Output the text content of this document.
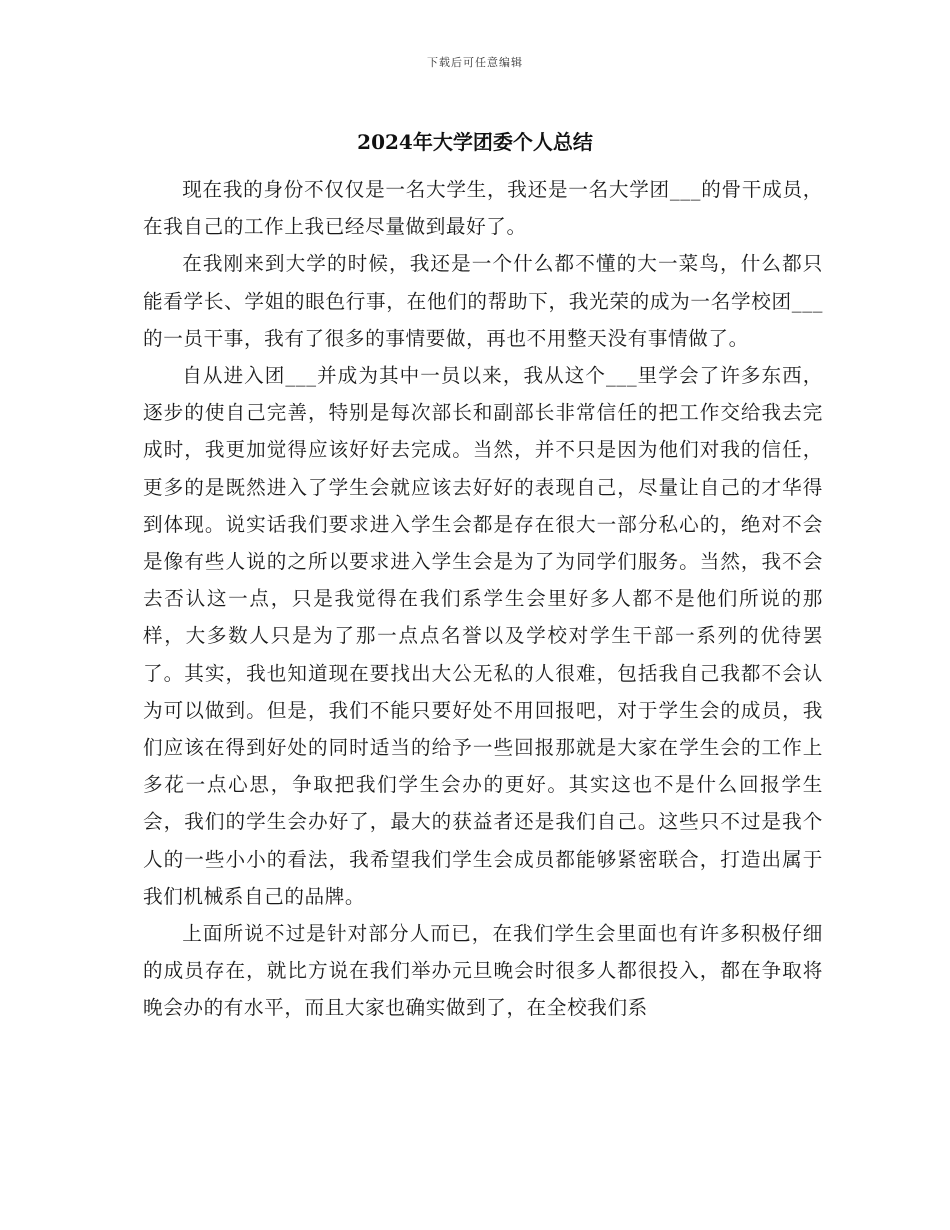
下载后可任意编辑
2024年大学团委个人总结

现在我的身份不仅仅是一名大学生，我还是一名大学团___的骨干成员，在我自己的工作上我已经尽量做到最好了。

在我刚来到大学的时候，我还是一个什么都不懂的大一菜鸟，什么都只能看学长、学姐的眼色行事，在他们的帮助下，我光荣的成为一名学校团___的一员干事，我有了很多的事情要做，再也不用整天没有事情做了。

自从进入团___并成为其中一员以来，我从这个___里学会了许多东西，逐步的使自己完善，特别是每次部长和副部长非常信任的把工作交给我去完成时，我更加觉得应该好好去完成。当然，并不只是因为他们对我的信任，更多的是既然进入了学生会就应该去好好的表现自己，尽量让自己的才华得到体现。说实话我们要求进入学生会都是存在很大一部分私心的，绝对不会是像有些人说的之所以要求进入学生会是为了为同学们服务。当然，我不会去否认这一点，只是我觉得在我们系学生会里好多人都不是他们所说的那样，大多数人只是为了那一点点名誉以及学校对学生干部一系列的优待罢了。其实，我也知道现在要找出大公无私的人很难，包括我自己我都不会认为可以做到。但是，我们不能只要好处不用回报吧，对于学生会的成员，我们应该在得到好处的同时适当的给予一些回报那就是大家在学生会的工作上多花一点心思，争取把我们学生会办的更好。其实这也不是什么回报学生会，我们的学生会办好了，最大的获益者还是我们自己。这些只不过是我个人的一些小小的看法，我希望我们学生会成员都能够紧密联合，打造出属于我们机械系自己的品牌。

上面所说不过是针对部分人而已，在我们学生会里面也有许多积极仔细的成员存在，就比方说在我们举办元旦晚会时很多人都很投入，都在争取将晚会办的有水平，而且大家也确实做到了，在全校我们系
